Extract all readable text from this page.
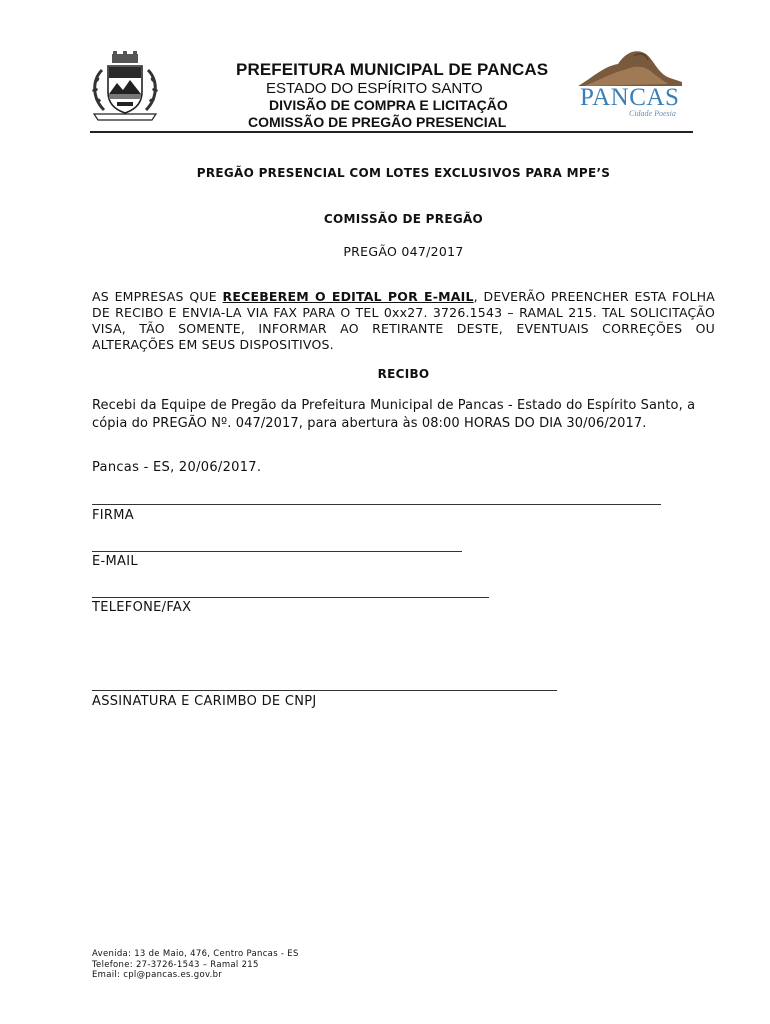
PREFEITURA MUNICIPAL DE PANCAS
ESTADO DO ESPÍRITO SANTO
DIVISÃO DE COMPRA E LICITAÇÃO
COMISSÃO DE PREGÃO PRESENCIAL
PANCAS
Cidade Poesia
PREGÃO PRESENCIAL COM LOTES EXCLUSIVOS PARA MPE’S
COMISSÃO DE PREGÃO
PREGÃO 047/2017
AS EMPRESAS QUE RECEBEREM O EDITAL POR E-MAIL, DEVERÃO PREENCHER ESTA FOLHA DE RECIBO E ENVIA-LA VIA FAX PARA O TEL 0xx27. 3726.1543 – RAMAL 215. TAL SOLICITAÇÃO VISA, TÃO SOMENTE, INFORMAR AO RETIRANTE DESTE, EVENTUAIS CORREÇÕES OU ALTERAÇÕES EM SEUS DISPOSITIVOS.
RECIBO
Recebi da Equipe de Pregão da Prefeitura Municipal de Pancas - Estado do Espírito Santo, a cópia do PREGÃO Nº. 047/2017, para abertura às 08:00 HORAS DO DIA 30/06/2017.
Pancas - ES, 20/06/2017.
FIRMA
E-MAIL
TELEFONE/FAX
ASSINATURA E CARIMBO DE CNPJ
Avenida: 13 de Maio, 476, Centro Pancas - ES
Telefone: 27-3726-1543 – Ramal 215
Email: cpl@pancas.es.gov.br
